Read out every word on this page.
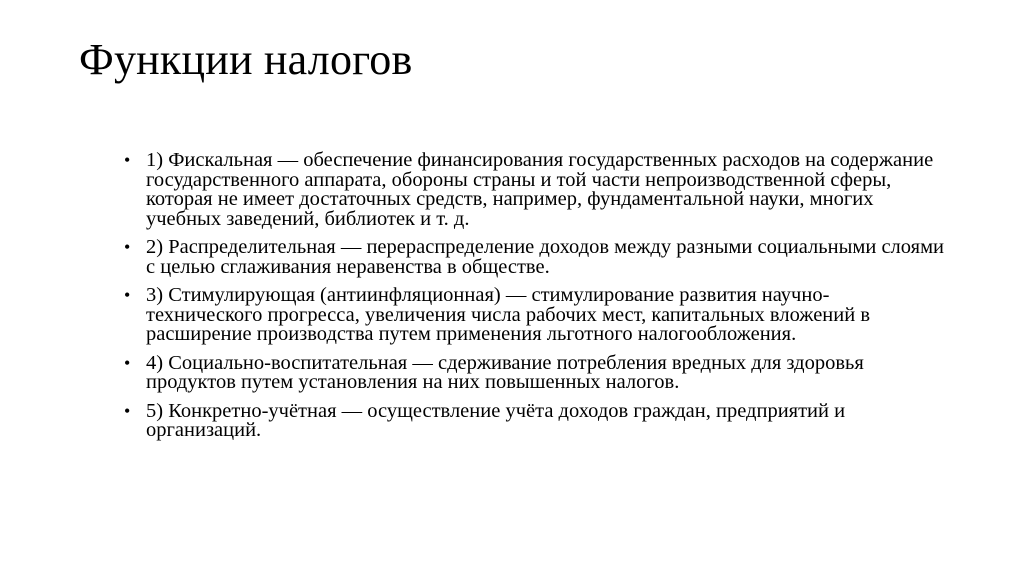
Функции налогов
• 1) Фискальная — обеспечение финансирования государственных расходов на содержание государственного аппарата, обороны страны и той части непроизводственной сферы, которая не имеет достаточных средств, например, фундаментальной науки, многих учебных заведений, библиотек и т. д.
• 2) Распределительная — перераспределение доходов между разными социальными слоями с целью сглаживания неравенства в обществе.
• 3) Стимулирующая (антиинфляционная) — стимулирование развития научно-технического прогресса, увеличения числа рабочих мест, капитальных вложений в расширение производства путем применения льготного налогообложения.
• 4) Социально-воспитательная — сдерживание потребления вредных для здоровья продуктов путем установления на них повышенных налогов.
• 5) Конкретно-учётная — осуществление учёта доходов граждан, предприятий и организаций.
